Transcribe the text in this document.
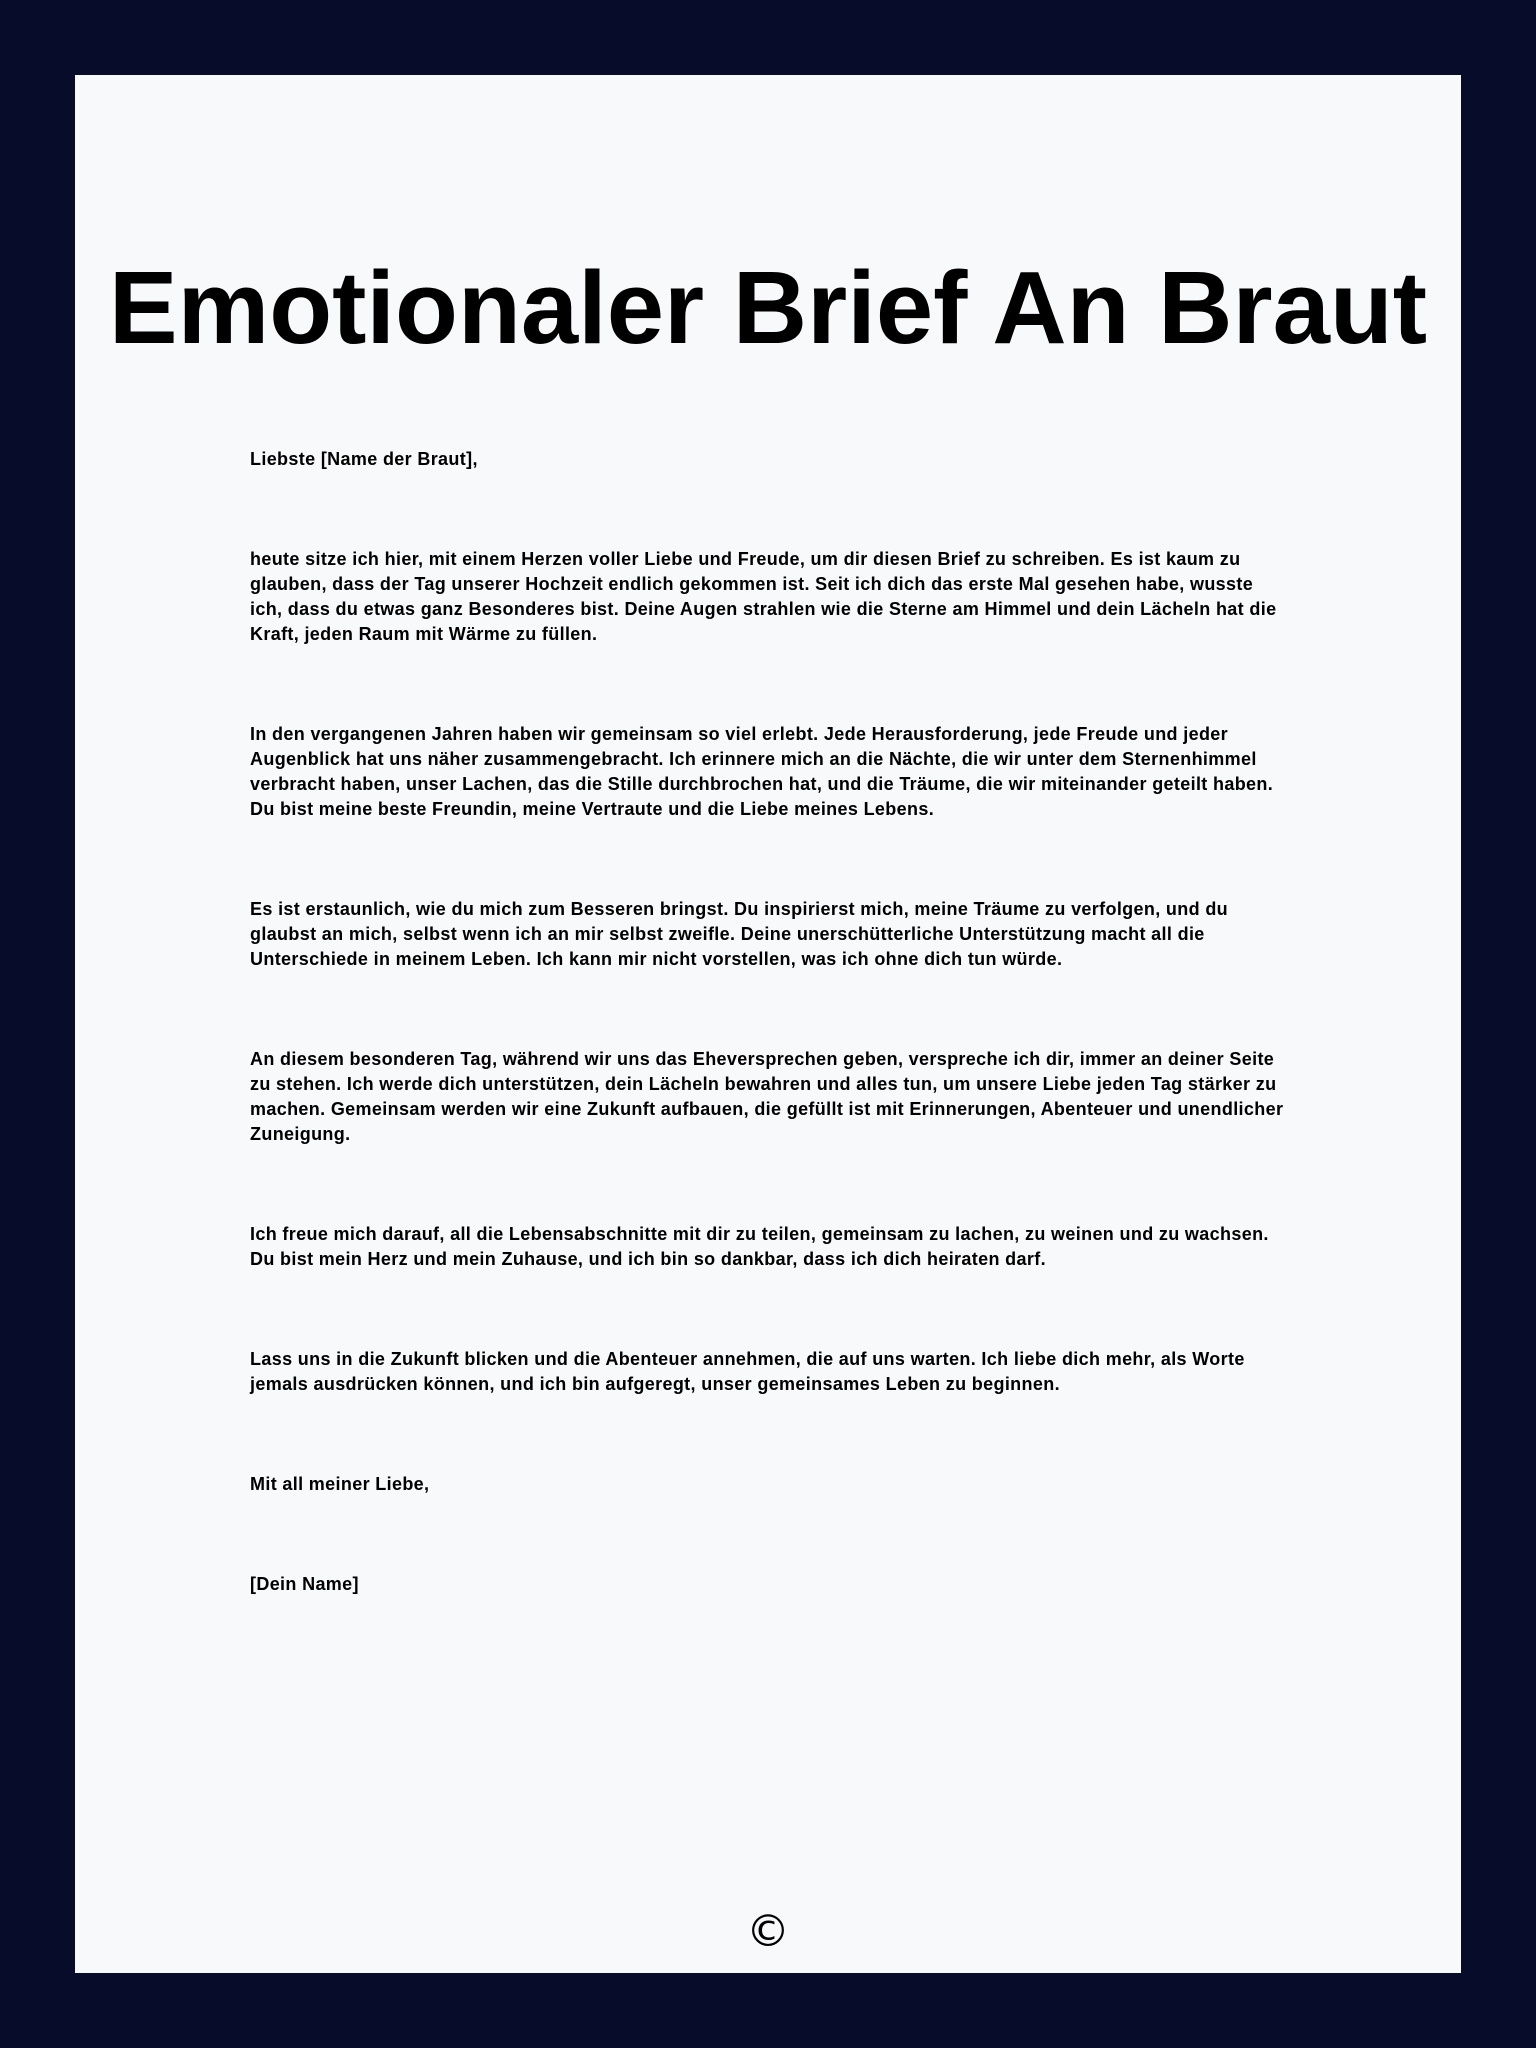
Emotionaler Brief An Braut

Liebste [Name der Braut],

heute sitze ich hier, mit einem Herzen voller Liebe und Freude, um dir diesen Brief zu schreiben. Es ist kaum zu glauben, dass der Tag unserer Hochzeit endlich gekommen ist. Seit ich dich das erste Mal gesehen habe, wusste ich, dass du etwas ganz Besonderes bist. Deine Augen strahlen wie die Sterne am Himmel und dein Lächeln hat die Kraft, jeden Raum mit Wärme zu füllen.

In den vergangenen Jahren haben wir gemeinsam so viel erlebt. Jede Herausforderung, jede Freude und jeder Augenblick hat uns näher zusammengebracht. Ich erinnere mich an die Nächte, die wir unter dem Sternenhimmel verbracht haben, unser Lachen, das die Stille durchbrochen hat, und die Träume, die wir miteinander geteilt haben. Du bist meine beste Freundin, meine Vertraute und die Liebe meines Lebens.

Es ist erstaunlich, wie du mich zum Besseren bringst. Du inspirierst mich, meine Träume zu verfolgen, und du glaubst an mich, selbst wenn ich an mir selbst zweifle. Deine unerschütterliche Unterstützung macht all die Unterschiede in meinem Leben. Ich kann mir nicht vorstellen, was ich ohne dich tun würde.

An diesem besonderen Tag, während wir uns das Eheversprechen geben, verspreche ich dir, immer an deiner Seite zu stehen. Ich werde dich unterstützen, dein Lächeln bewahren und alles tun, um unsere Liebe jeden Tag stärker zu machen. Gemeinsam werden wir eine Zukunft aufbauen, die gefüllt ist mit Erinnerungen, Abenteuer und unendlicher Zuneigung.

Ich freue mich darauf, all die Lebensabschnitte mit dir zu teilen, gemeinsam zu lachen, zu weinen und zu wachsen. Du bist mein Herz und mein Zuhause, und ich bin so dankbar, dass ich dich heiraten darf.

Lass uns in die Zukunft blicken und die Abenteuer annehmen, die auf uns warten. Ich liebe dich mehr, als Worte jemals ausdrücken können, und ich bin aufgeregt, unser gemeinsames Leben zu beginnen.

Mit all meiner Liebe,

[Dein Name]

©
